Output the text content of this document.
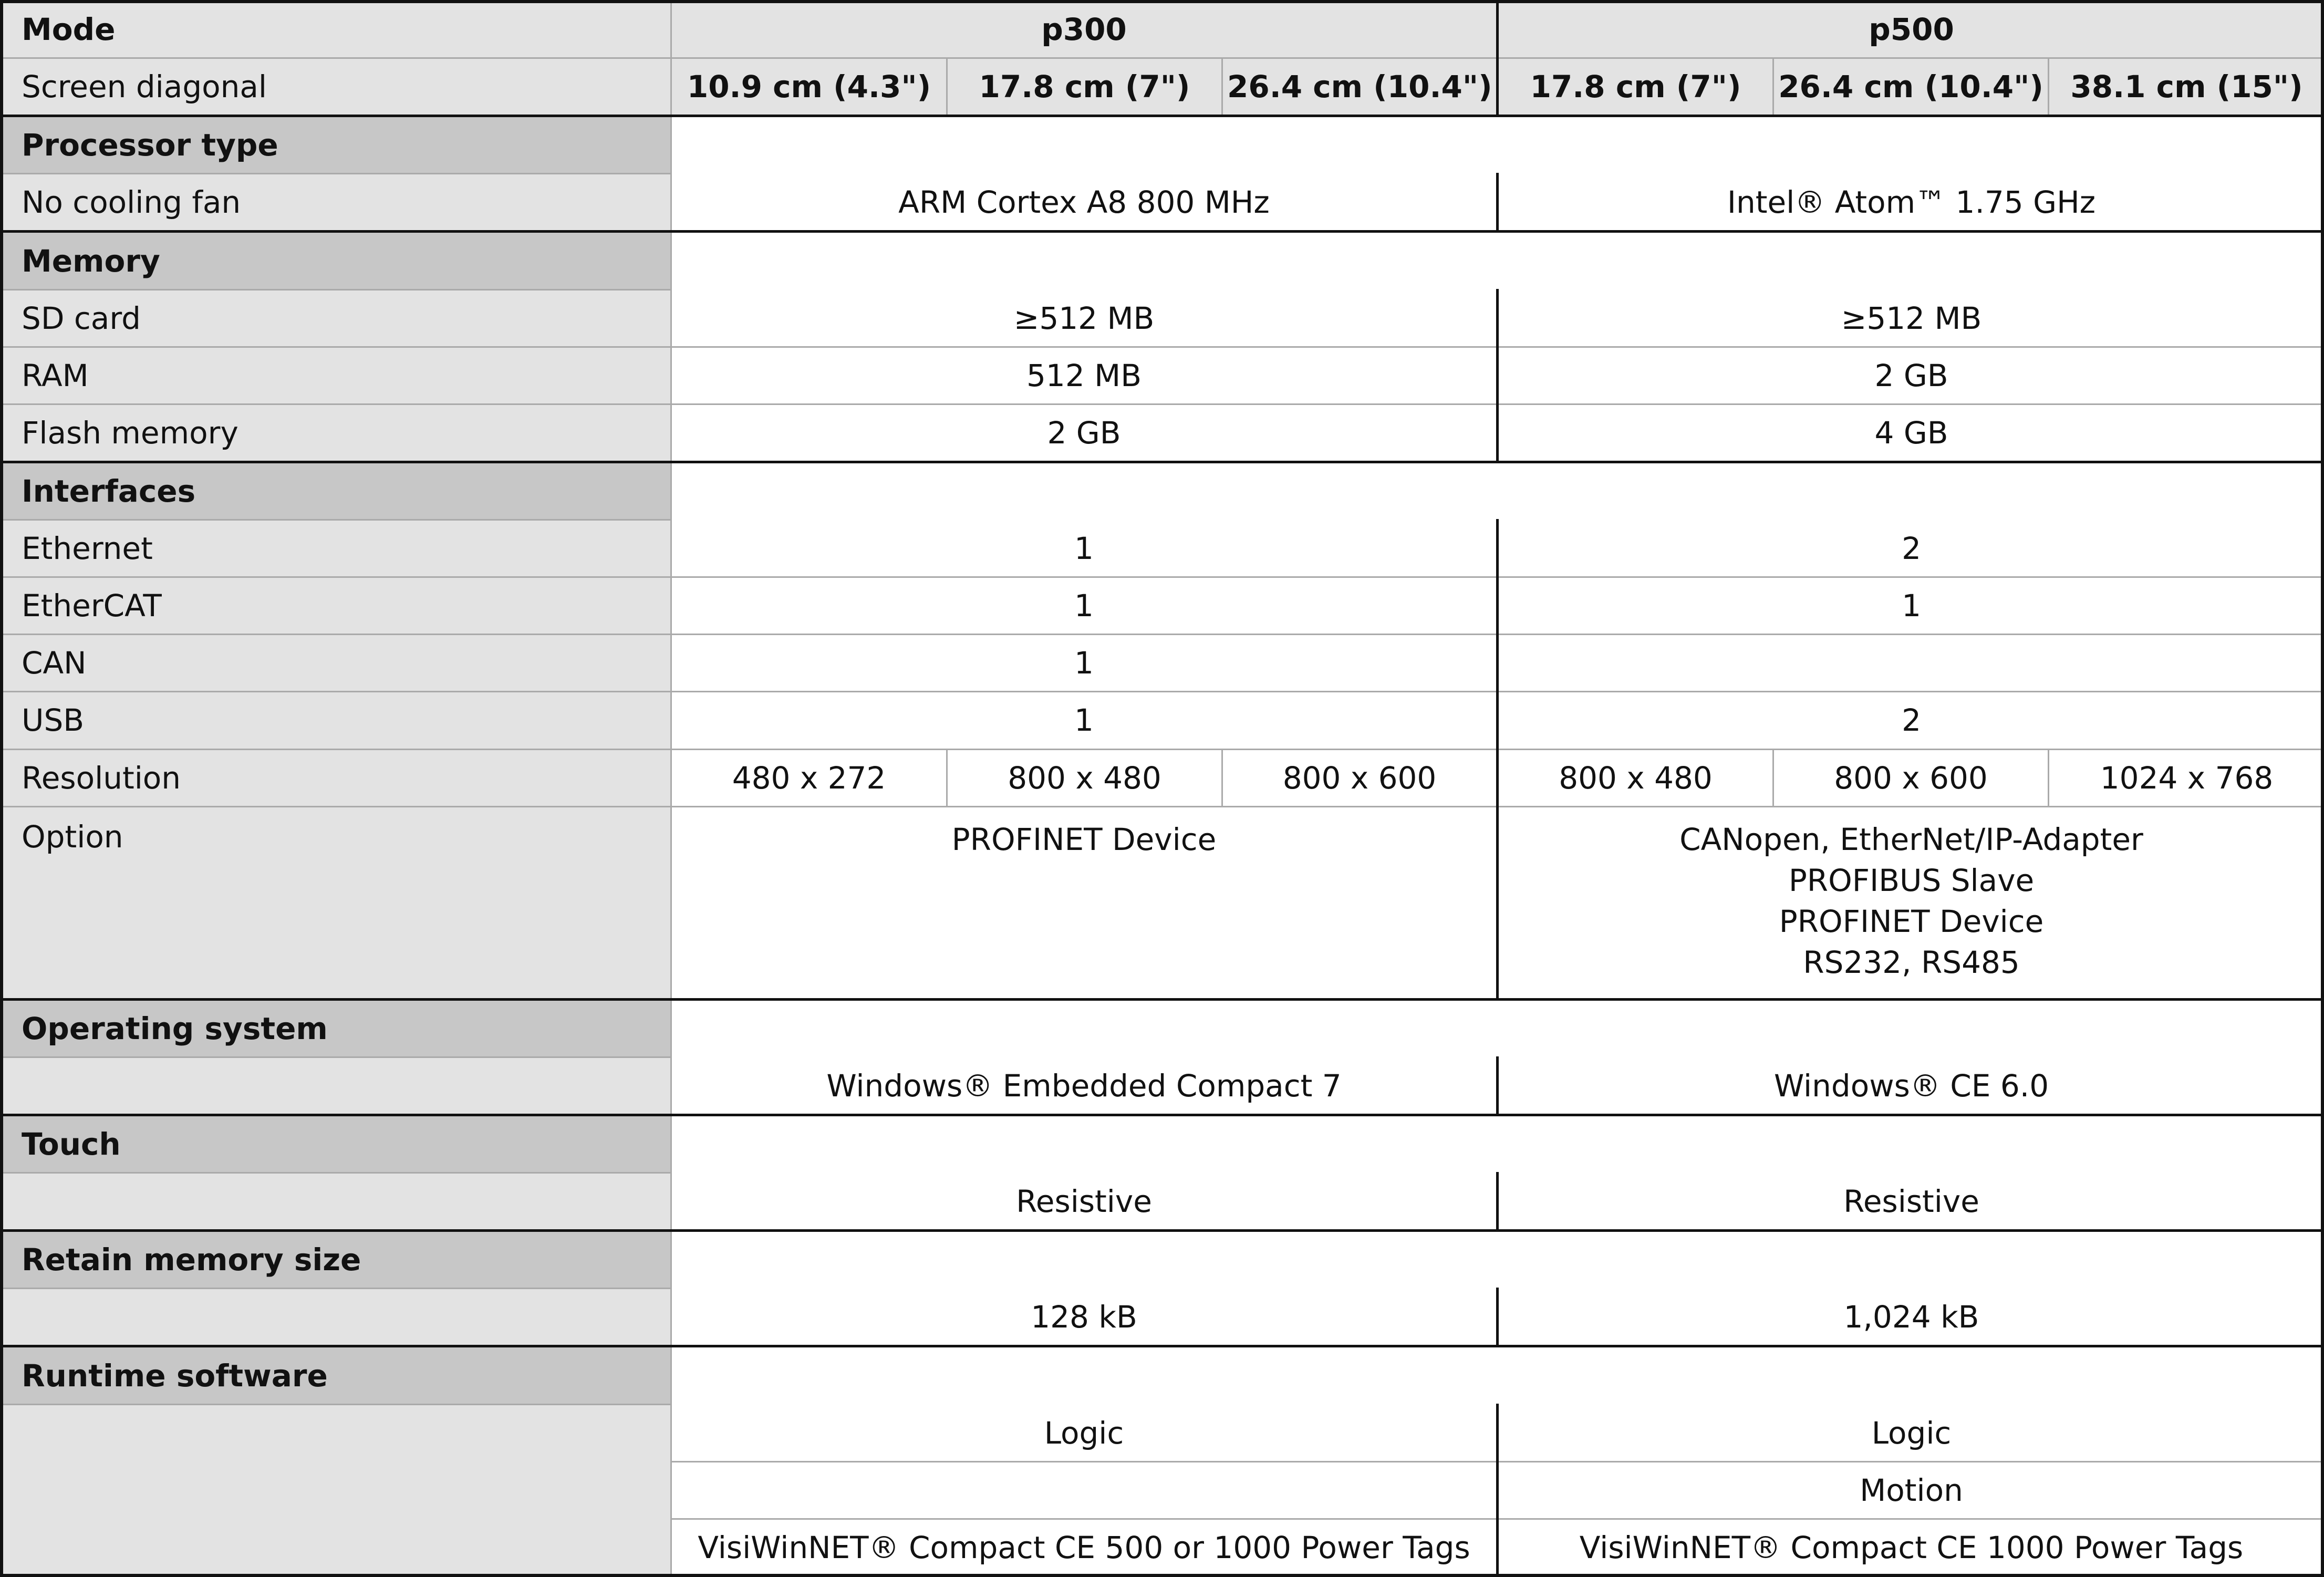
Mode	p300			p500		
Screen diagonal	10.9 cm (4.3")	17.8 cm (7")	26.4 cm (10.4")	17.8 cm (7")	26.4 cm (10.4")	38.1 cm (15")
Processor type						
No cooling fan	ARM Cortex A8 800 MHz			Intel® Atom™ 1.75 GHz		
Memory						
SD card	≥512 MB			≥512 MB		
RAM	512 MB			2 GB		
Flash memory	2 GB			4 GB		
Interfaces						
Ethernet	1			2		
EtherCAT	1			1		
CAN	1					
USB	1			2		
Resolution	480 x 272	800 x 480	800 x 600	800 x 480	800 x 600	1024 x 768
Option	PROFINET Device			CANopen, EtherNet/IP-Adapter
PROFIBUS Slave
PROFINET Device
RS232, RS485		

Operating system						
	Windows® Embedded Compact 7			Windows® CE 6.0		
Touch						
	Resistive			Resistive		
Retain memory size						
	128 kB			1,024 kB		
Runtime software						
	Logic			Logic		
				Motion		
	VisiWinNET® Compact CE 500 or 1000 Power Tags			VisiWinNET® Compact CE 1000 Power Tags		
